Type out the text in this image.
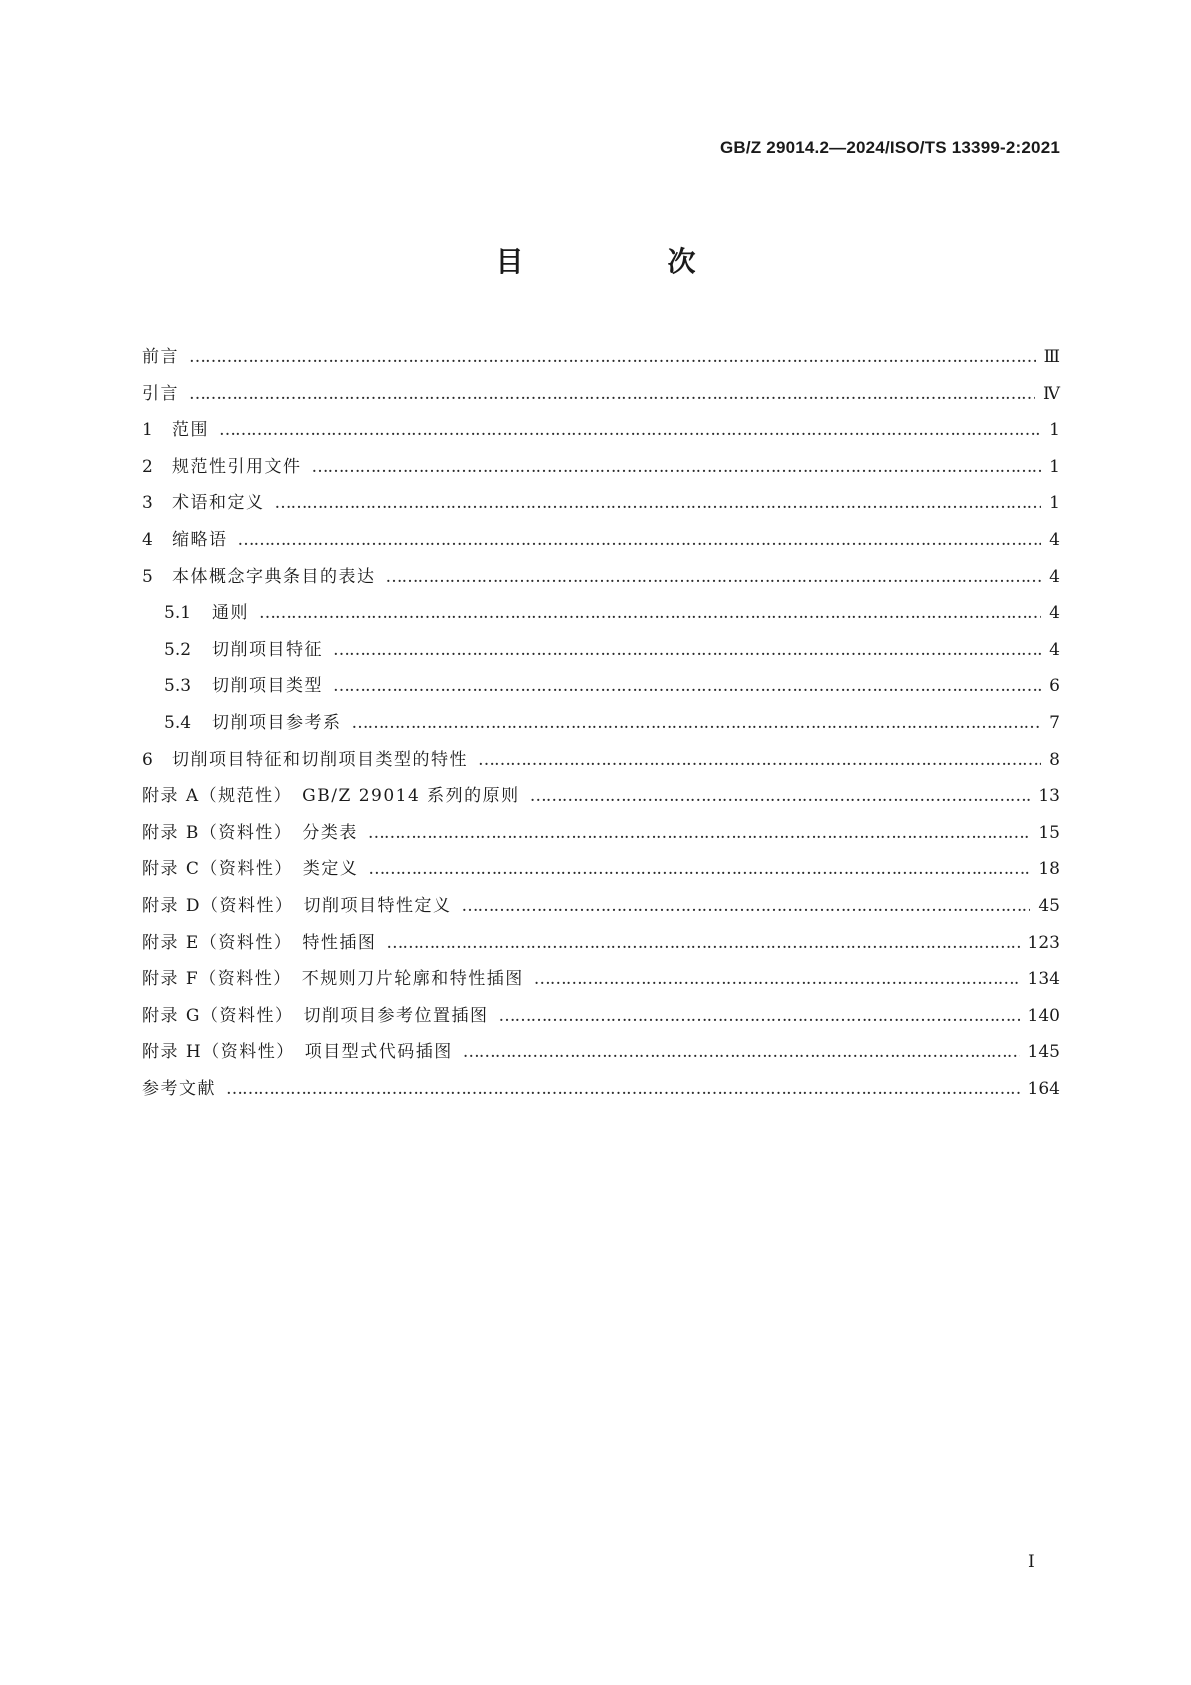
GB/Z 29014.2—2024/ISO/TS 13399-2:2021
目　次
前言 ……………………………………………………………………………………………………………………………………………………………………………………………………………………………………………………	Ⅲ
引言 ……………………………………………………………………………………………………………………………………………………………………………………………………………………………………………………	Ⅳ
1	范围 ……………………………………………………………………………………………………………………………………………………………………………………………………………………………………………………	1
2	规范性引用文件 ……………………………………………………………………………………………………………………………………………………………………………………………………………………………………………………	1
3	术语和定义 ……………………………………………………………………………………………………………………………………………………………………………………………………………………………………………………	1
4	缩略语 ……………………………………………………………………………………………………………………………………………………………………………………………………………………………………………………	4
5	本体概念字典条目的表达 ……………………………………………………………………………………………………………………………………………………………………………………………………………………………………………………	4
5.1	通则 ……………………………………………………………………………………………………………………………………………………………………………………………………………………………………………………	4
5.2	切削项目特征 ……………………………………………………………………………………………………………………………………………………………………………………………………………………………………………………	4
5.3	切削项目类型 ……………………………………………………………………………………………………………………………………………………………………………………………………………………………………………………	6
5.4	切削项目参考系 ……………………………………………………………………………………………………………………………………………………………………………………………………………………………………………………	7
6	切削项目特征和切削项目类型的特性 ……………………………………………………………………………………………………………………………………………………………………………………………………………………………………………………	8
附录 A（规范性）　GB/Z 29014 系列的原则 ……………………………………………………………………………………………………………………………………………………………………………………………………………………………………………………	13
附录 B（资料性）　分类表 ……………………………………………………………………………………………………………………………………………………………………………………………………………………………………………………	15
附录 C（资料性）　类定义 ……………………………………………………………………………………………………………………………………………………………………………………………………………………………………………………	18
附录 D（资料性）　切削项目特性定义 ……………………………………………………………………………………………………………………………………………………………………………………………………………………………………………………	45
附录 E（资料性）　特性插图 ……………………………………………………………………………………………………………………………………………………………………………………………………………………………………………………	123
附录 F（资料性）　不规则刀片轮廓和特性插图 ……………………………………………………………………………………………………………………………………………………………………………………………………………………………………………………	134
附录 G（资料性）　切削项目参考位置插图 ……………………………………………………………………………………………………………………………………………………………………………………………………………………………………………………	140
附录 H（资料性）　项目型式代码插图 ……………………………………………………………………………………………………………………………………………………………………………………………………………………………………………………	145
参考文献 ……………………………………………………………………………………………………………………………………………………………………………………………………………………………………………………	164
Ⅰ
